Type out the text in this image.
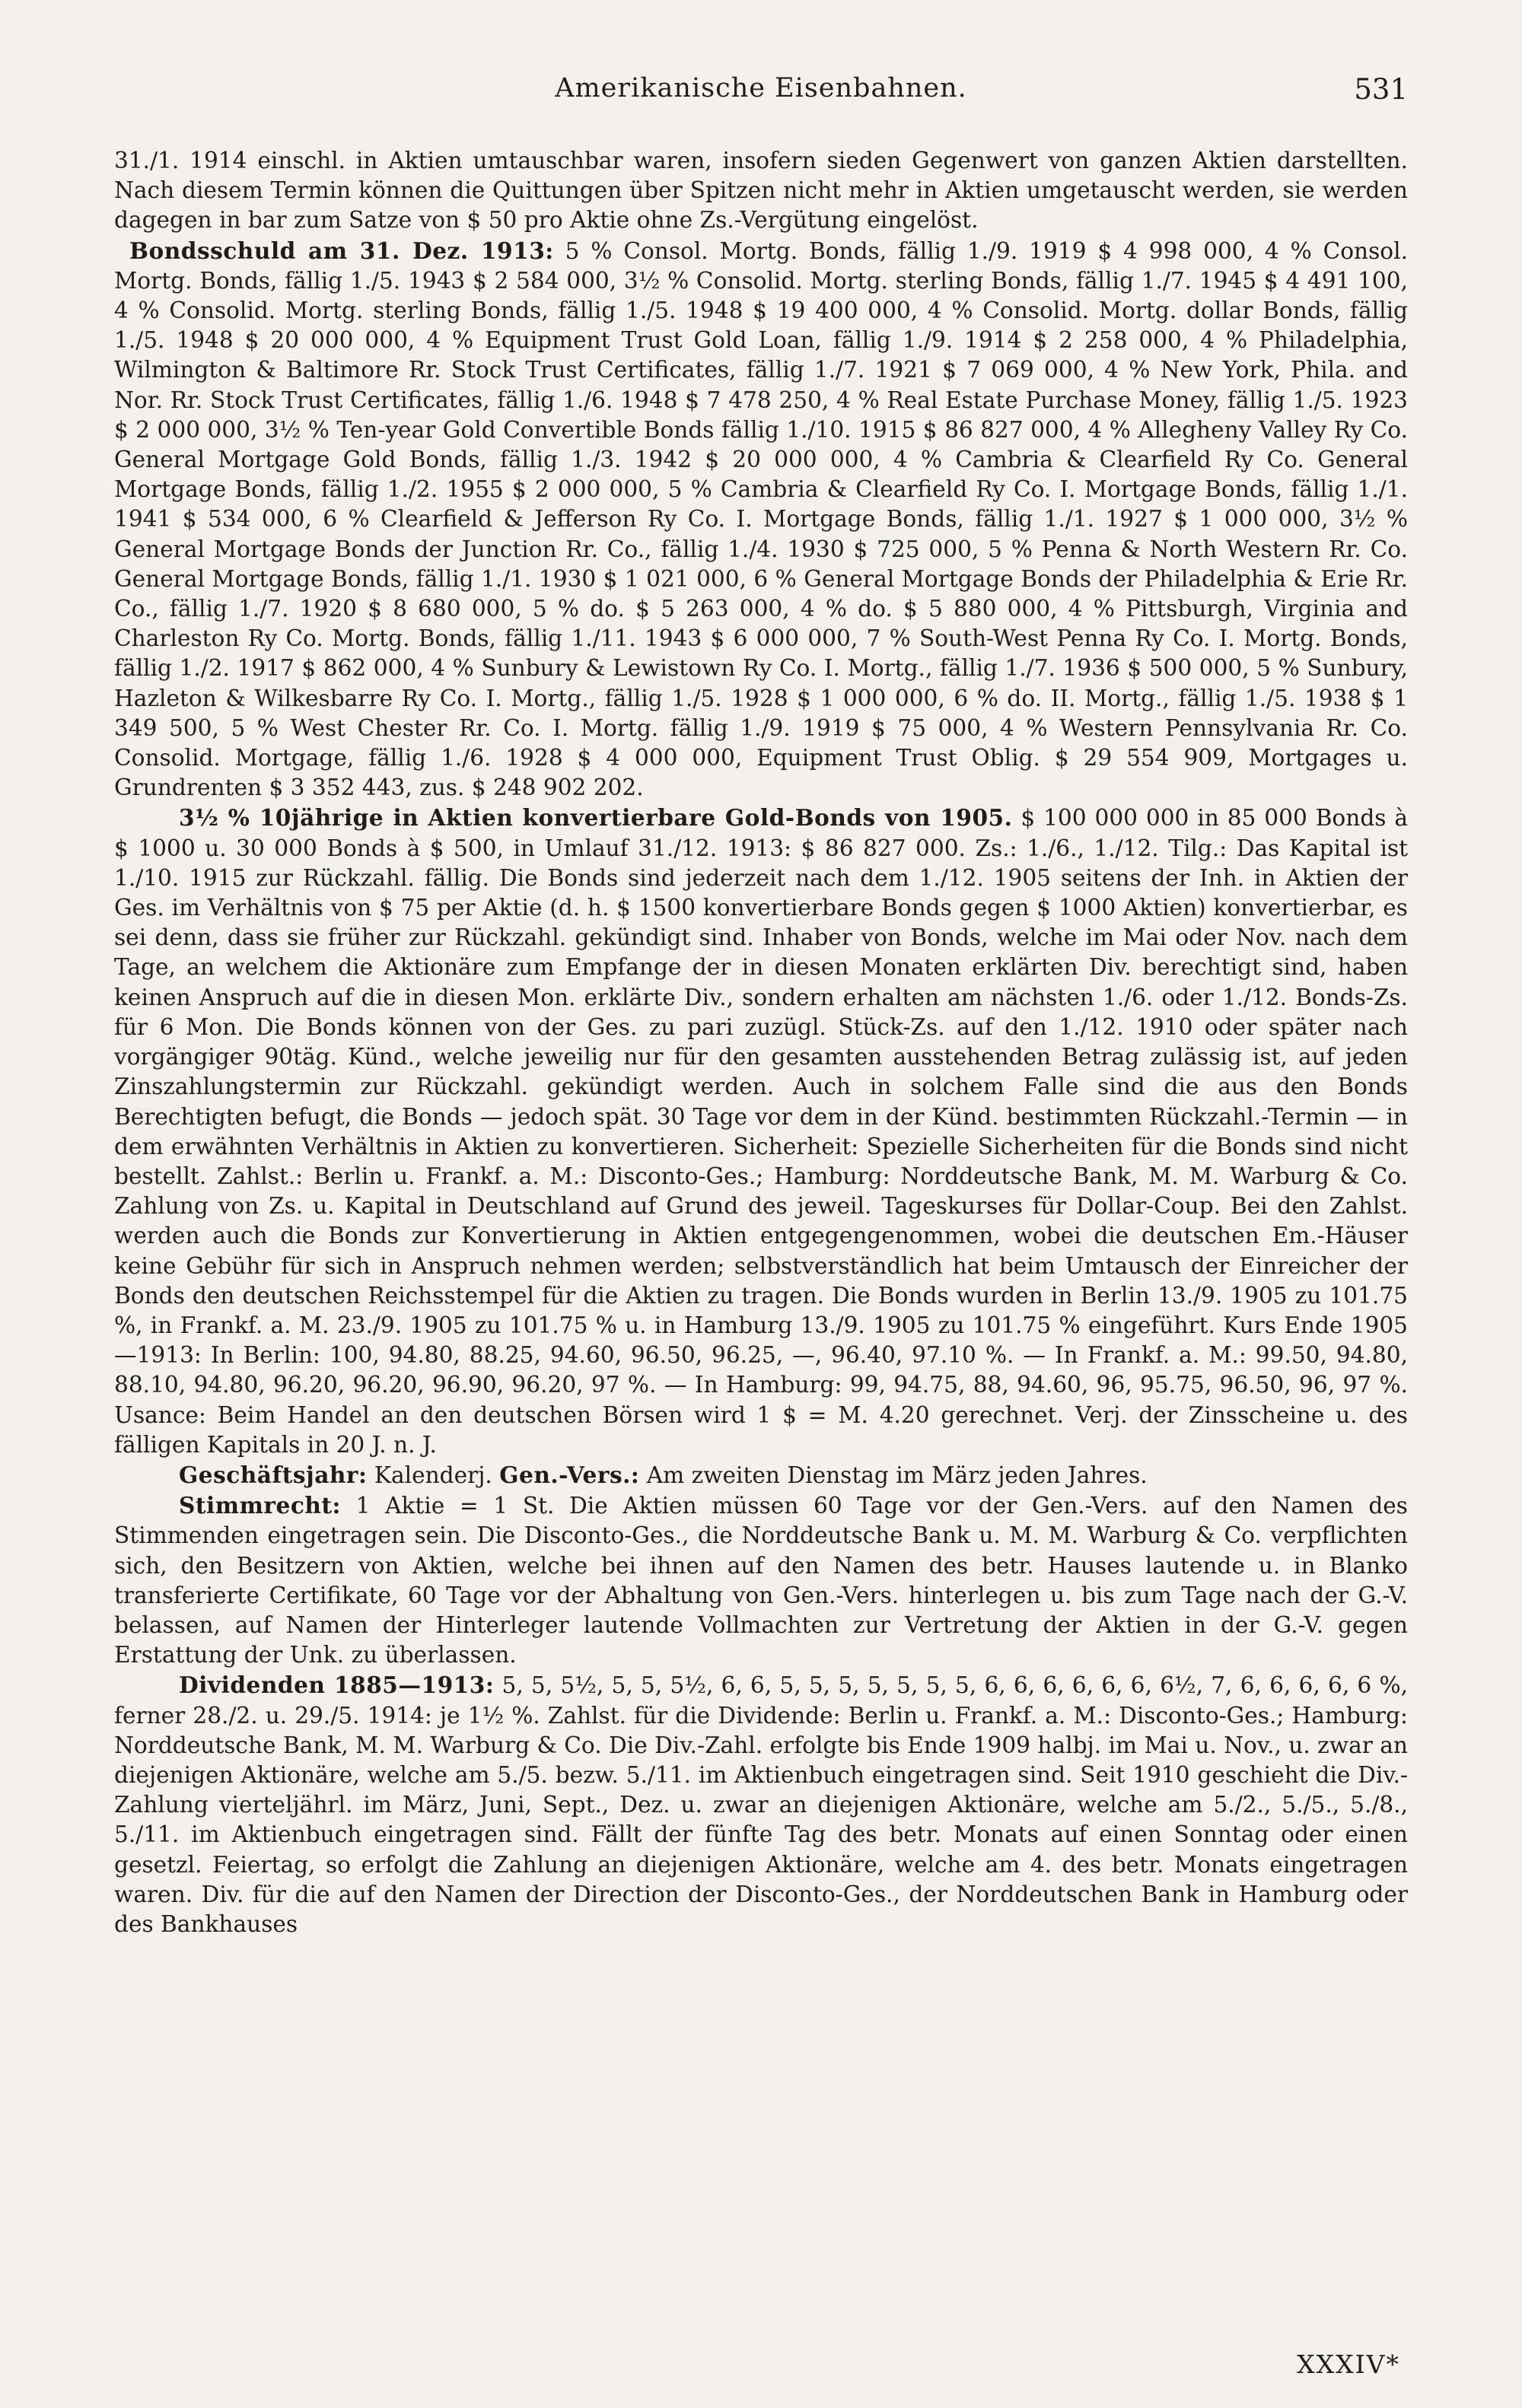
Amerikanische Eisenbahnen.	531

31./1. 1914 einschl. in Aktien umtauschbar waren, insofern sieden Gegenwert von ganzen Aktien darstellten. Nach diesem Termin können die Quittungen über Spitzen nicht mehr in Aktien umgetauscht werden, sie werden dagegen in bar zum Satze von $ 50 pro Aktie ohne Zs.-Vergütung eingelöst.

Bondsschuld am 31. Dez. 1913: 5 % Consol. Mortg. Bonds, fällig 1./9. 1919 $ 4 998 000, 4 % Consol. Mortg. Bonds, fällig 1./5. 1943 $ 2 584 000, 3½ % Consolid. Mortg. sterling Bonds, fällig 1./7. 1945 $ 4 491 100, 4 % Consolid. Mortg. sterling Bonds, fällig 1./5. 1948 $ 19 400 000, 4 % Consolid. Mortg. dollar Bonds, fällig 1./5. 1948 $ 20 000 000, 4 % Equipment Trust Gold Loan, fällig 1./9. 1914 $ 2 258 000, 4 % Philadelphia, Wilmington & Baltimore Rr. Stock Trust Certificates, fällig 1./7. 1921 $ 7 069 000, 4 % New York, Phila. and Nor. Rr. Stock Trust Certificates, fällig 1./6. 1948 $ 7 478 250, 4 % Real Estate Purchase Money, fällig 1./5. 1923 $ 2 000 000, 3½ % Ten-year Gold Convertible Bonds fällig 1./10. 1915 $ 86 827 000, 4 % Allegheny Valley Ry Co. General Mortgage Gold Bonds, fällig 1./3. 1942 $ 20 000 000, 4 % Cambria & Clearfield Ry Co. General Mortgage Bonds, fällig 1./2. 1955 $ 2 000 000, 5 % Cambria & Clearfield Ry Co. I. Mortgage Bonds, fällig 1./1. 1941 $ 534 000, 6 % Clearfield & Jefferson Ry Co. I. Mortgage Bonds, fällig 1./1. 1927 $ 1 000 000, 3½ % General Mortgage Bonds der Junction Rr. Co., fällig 1./4. 1930 $ 725 000, 5 % Penna & North Western Rr. Co. General Mortgage Bonds, fällig 1./1. 1930 $ 1 021 000, 6 % General Mortgage Bonds der Philadelphia & Erie Rr. Co., fällig 1./7. 1920 $ 8 680 000, 5 % do. $ 5 263 000, 4 % do. $ 5 880 000, 4 % Pittsburgh, Virginia and Charleston Ry Co. Mortg. Bonds, fällig 1./11. 1943 $ 6 000 000, 7 % South-West Penna Ry Co. I. Mortg. Bonds, fällig 1./2. 1917 $ 862 000, 4 % Sunbury & Lewistown Ry Co. I. Mortg., fällig 1./7. 1936 $ 500 000, 5 % Sunbury, Hazleton & Wilkesbarre Ry Co. I. Mortg., fällig 1./5. 1928 $ 1 000 000, 6 % do. II. Mortg., fällig 1./5. 1938 $ 1 349 500, 5 % West Chester Rr. Co. I. Mortg. fällig 1./9. 1919 $ 75 000, 4 % Western Pennsylvania Rr. Co. Consolid. Mortgage, fällig 1./6. 1928 $ 4 000 000, Equipment Trust Oblig. $ 29 554 909, Mortgages u. Grundrenten $ 3 352 443, zus. $ 248 902 202.

3½ % 10jährige in Aktien konvertierbare Gold-Bonds von 1905. $ 100 000 000 in 85 000 Bonds à $ 1000 u. 30 000 Bonds à $ 500, in Umlauf 31./12. 1913: $ 86 827 000. Zs.: 1./6., 1./12. Tilg.: Das Kapital ist 1./10. 1915 zur Rückzahl. fällig. Die Bonds sind jederzeit nach dem 1./12. 1905 seitens der Inh. in Aktien der Ges. im Verhältnis von $ 75 per Aktie (d. h. $ 1500 konvertierbare Bonds gegen $ 1000 Aktien) konvertierbar, es sei denn, dass sie früher zur Rückzahl. gekündigt sind. Inhaber von Bonds, welche im Mai oder Nov. nach dem Tage, an welchem die Aktionäre zum Empfange der in diesen Monaten erklärten Div. berechtigt sind, haben keinen Anspruch auf die in diesen Mon. erklärte Div., sondern erhalten am nächsten 1./6. oder 1./12. Bonds-Zs. für 6 Mon. Die Bonds können von der Ges. zu pari zuzügl. Stück-Zs. auf den 1./12. 1910 oder später nach vorgängiger 90täg. Künd., welche jeweilig nur für den gesamten ausstehenden Betrag zulässig ist, auf jeden Zinszahlungstermin zur Rückzahl. gekündigt werden. Auch in solchem Falle sind die aus den Bonds Berechtigten befugt, die Bonds — jedoch spät. 30 Tage vor dem in der Künd. bestimmten Rückzahl.-Termin — in dem erwähnten Verhältnis in Aktien zu konvertieren. Sicherheit: Spezielle Sicherheiten für die Bonds sind nicht bestellt. Zahlst.: Berlin u. Frankf. a. M.: Disconto-Ges.; Hamburg: Norddeutsche Bank, M. M. Warburg & Co. Zahlung von Zs. u. Kapital in Deutschland auf Grund des jeweil. Tageskurses für Dollar-Coup. Bei den Zahlst. werden auch die Bonds zur Konvertierung in Aktien entgegengenommen, wobei die deutschen Em.-Häuser keine Gebühr für sich in Anspruch nehmen werden; selbstverständlich hat beim Umtausch der Einreicher der Bonds den deutschen Reichsstempel für die Aktien zu tragen. Die Bonds wurden in Berlin 13./9. 1905 zu 101.75 %, in Frankf. a. M. 23./9. 1905 zu 101.75 % u. in Hamburg 13./9. 1905 zu 101.75 % eingeführt. Kurs Ende 1905—1913: In Berlin: 100, 94.80, 88.25, 94.60, 96.50, 96.25, —, 96.40, 97.10 %. — In Frankf. a. M.: 99.50, 94.80, 88.10, 94.80, 96.20, 96.20, 96.90, 96.20, 97 %. — In Hamburg: 99, 94.75, 88, 94.60, 96, 95.75, 96.50, 96, 97 %. Usance: Beim Handel an den deutschen Börsen wird 1 $ = M. 4.20 gerechnet. Verj. der Zinsscheine u. des fälligen Kapitals in 20 J. n. J.

Geschäftsjahr: Kalenderj. Gen.-Vers.: Am zweiten Dienstag im März jeden Jahres.

Stimmrecht: 1 Aktie = 1 St. Die Aktien müssen 60 Tage vor der Gen.-Vers. auf den Namen des Stimmenden eingetragen sein. Die Disconto-Ges., die Norddeutsche Bank u. M. M. Warburg & Co. verpflichten sich, den Besitzern von Aktien, welche bei ihnen auf den Namen des betr. Hauses lautende u. in Blanko transferierte Certifikate, 60 Tage vor der Abhaltung von Gen.-Vers. hinterlegen u. bis zum Tage nach der G.-V. belassen, auf Namen der Hinterleger lautende Vollmachten zur Vertretung der Aktien in der G.-V. gegen Erstattung der Unk. zu überlassen.

Dividenden 1885—1913: 5, 5, 5½, 5, 5, 5½, 6, 6, 5, 5, 5, 5, 5, 5, 5, 6, 6, 6, 6, 6, 6, 6½, 7, 6, 6, 6, 6, 6 %, ferner 28./2. u. 29./5. 1914: je 1½ %. Zahlst. für die Dividende: Berlin u. Frankf. a. M.: Disconto-Ges.; Hamburg: Norddeutsche Bank, M. M. Warburg & Co. Die Div.-Zahl. erfolgte bis Ende 1909 halbj. im Mai u. Nov., u. zwar an diejenigen Aktionäre, welche am 5./5. bezw. 5./11. im Aktienbuch eingetragen sind. Seit 1910 geschieht die Div.-Zahlung vierteljährl. im März, Juni, Sept., Dez. u. zwar an diejenigen Aktionäre, welche am 5./2., 5./5., 5./8., 5./11. im Aktienbuch eingetragen sind. Fällt der fünfte Tag des betr. Monats auf einen Sonntag oder einen gesetzl. Feiertag, so erfolgt die Zahlung an diejenigen Aktionäre, welche am 4. des betr. Monats eingetragen waren. Div. für die auf den Namen der Direction der Disconto-Ges., der Norddeutschen Bank in Hamburg oder des Bankhauses

XXXIV*
